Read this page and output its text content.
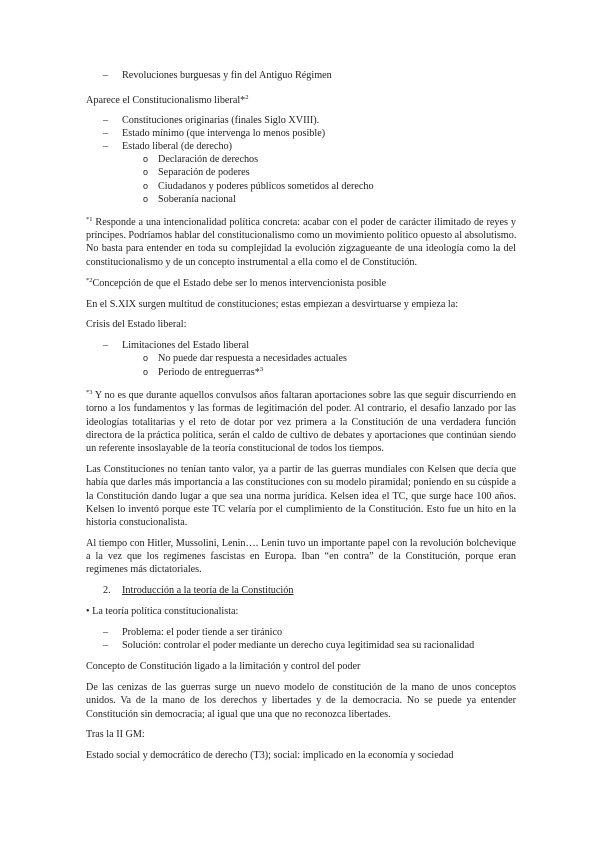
– Revoluciones burguesas y fin del Antiguo Régimen
Aparece el Constitucionalismo liberal*$^2$
– Constituciones originarias (finales Siglo XVIII).
– Estado mínimo (que intervenga lo menos posible)
– Estado liberal (de derecho)
o Declaración de derechos
o Separación de poderes
o Ciudadanos y poderes públicos sometidos al derecho
o Soberanía nacional
$^{*1}$ Responde a una intencionalidad política concreta: acabar con el poder de carácter ilimitado de reyes y
príncipes. Podríamos hablar del constitucionalismo como un movimiento político opuesto al absolutismo.
No basta para entender en toda su complejidad la evolución zigzagueante de una ideología como la del
constitucionalismo y de un concepto instrumental a ella como el de Constitución.
$^{*2}$Concepción de que el Estado debe ser lo menos intervencionista posible
En el S.XIX surgen multitud de constituciones; estas empiezan a desvirtuarse y empieza la:
Crisis del Estado liberal:
– Limitaciones del Estado liberal
o No puede dar respuesta a necesidades actuales
o Periodo de entreguerras*$^3$
$^{*3}$ Y no es que durante aquellos convulsos años faltaran aportaciones sobre las que seguir discurriendo en
torno a los fundamentos y las formas de legitimación del poder. Al contrario, el desafío lanzado por las
ideologías totalitarias y el reto de dotar por vez primera a la Constitución de una verdadera función
directora de la práctica política, serán el caldo de cultivo de debates y aportaciones que continúan siendo
un referente insoslayable de la teoría constitucional de todos los tiempos.
Las Constituciones no tenían tanto valor, ya a partir de las guerras mundiales con Kelsen que decía que
había que darles más importancia a las constituciones con su modelo piramidal; poniendo en su cúspide a
la Constitución dando lugar a que sea una norma jurídica. Kelsen idea el TC, que surge hace 100 años.
Kelsen lo inventó porque este TC velaría por el cumplimiento de la Constitución. Esto fue un hito en la
historia constucionalista.
Al tiempo con Hitler, Mussolini, Lenin…. Lenin tuvo un importante papel con la revolución bolchevique
a la vez que los regímenes fascistas en Europa. Iban “en contra” de la Constitución, porque eran
regímenes más dictatoriales.
2. Introducción a la teoría de la Constitución
• La teoría política constitucionalista:
– Problema: el poder tiende a ser tiránico
– Solución: controlar el poder mediante un derecho cuya legitimidad sea su racionalidad
Concepto de Constitución ligado a la limitación y control del poder
De las cenizas de las guerras surge un nuevo modelo de constitución de la mano de unos conceptos
unidos. Va de la mano de los derechos y libertades y de la democracia. No se puede ya entender
Constitución sin democracia; al igual que una que no reconozca libertades.
Tras la II GM:
Estado social y democrático de derecho (T3); social: implicado en la economía y sociedad
